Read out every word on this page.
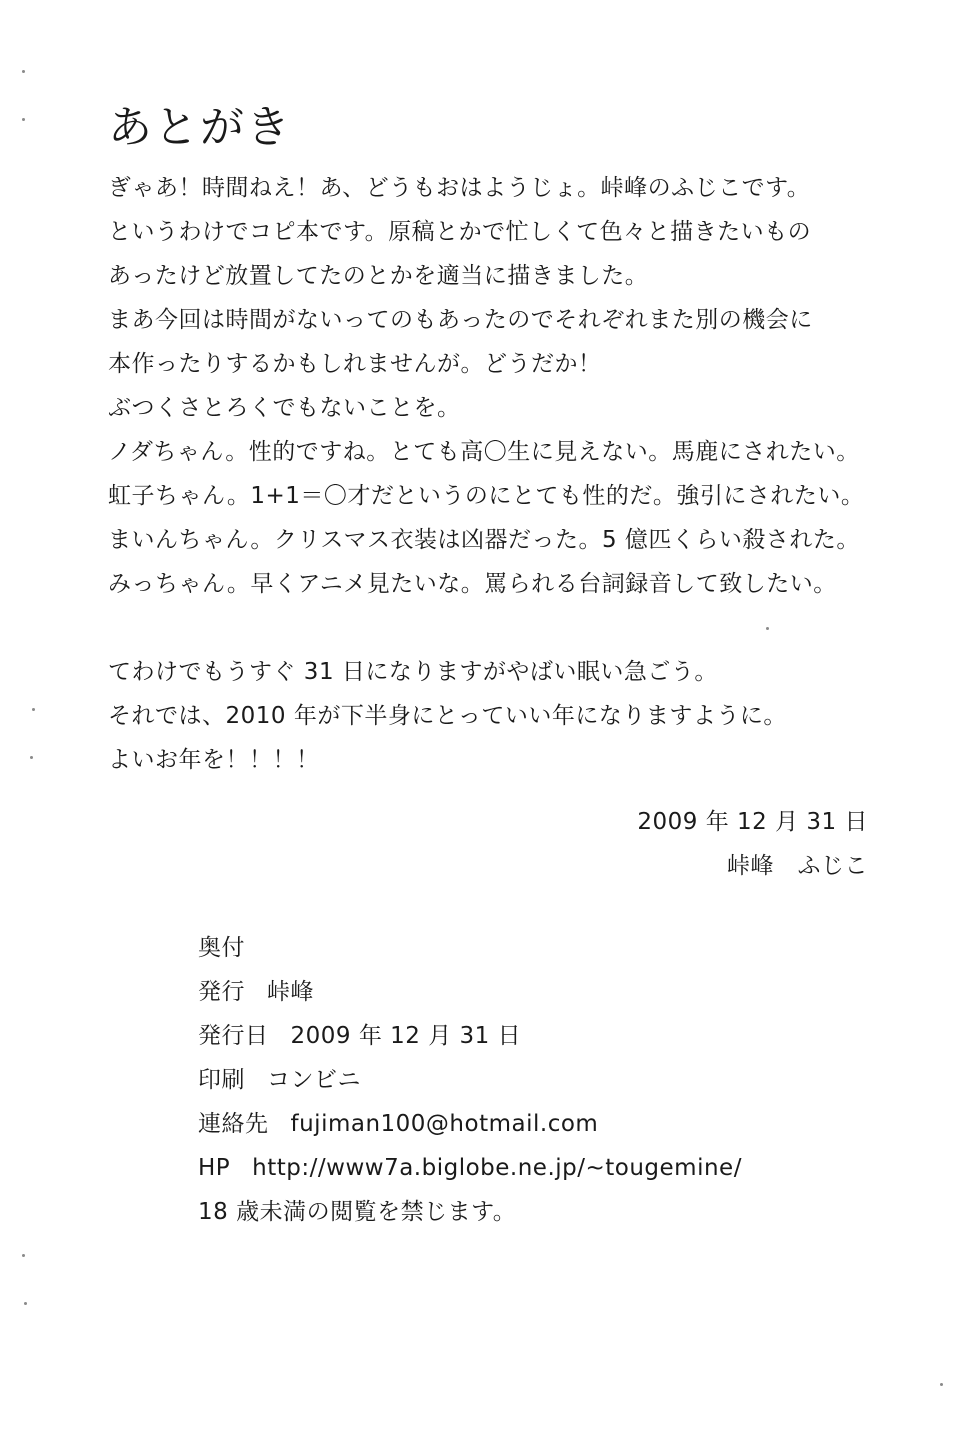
あとがき
ぎゃあ！時間ねえ！あ、どうもおはようじょ。峠峰のふじこです。
というわけでコピ本です。原稿とかで忙しくて色々と描きたいもの
あったけど放置してたのとかを適当に描きました。
まあ今回は時間がないってのもあったのでそれぞれまた別の機会に
本作ったりするかもしれませんが。どうだか！
ぶつくさとろくでもないことを。
ノダちゃん。性的ですね。とても高〇生に見えない。馬鹿にされたい。
虹子ちゃん。1+1＝〇才だというのにとても性的だ。強引にされたい。
まいんちゃん。クリスマス衣装は凶器だった。5 億匹くらい殺された。
みっちゃん。早くアニメ見たいな。罵られる台詞録音して致したい。
てわけでもうすぐ 31 日になりますがやばい眠い急ごう。
それでは、2010 年が下半身にとっていい年になりますように。
よいお年を！！！！
2009 年 12 月 31 日
峠峰　ふじこ
奥付
発行 峠峰
発行日 2009 年 12 月 31 日
印刷 コンビニ
連絡先 fujiman100@hotmail.com
HP http://www7a.biglobe.ne.jp/~tougemine/
18 歳未満の閲覧を禁じます。
